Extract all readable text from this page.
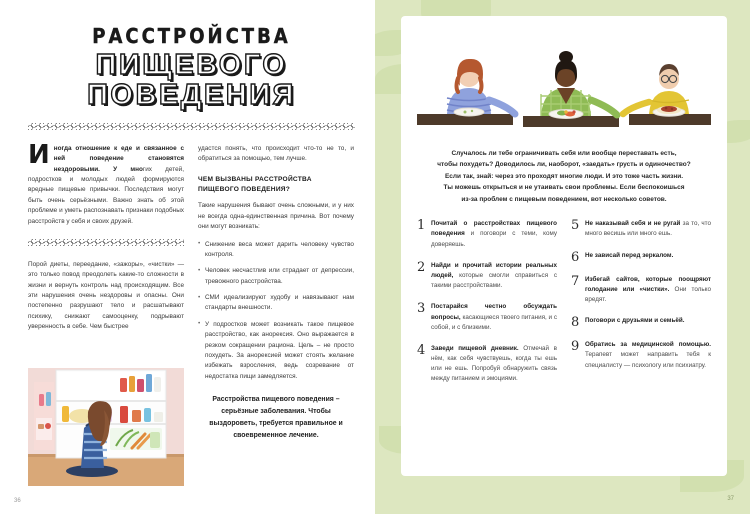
РАССТРОЙСТВА
ПИЩЕВОГО ПОВЕДЕНИЯ

Иногда отношение к еде и связанное с ней поведение становятся нездоровыми. У многих детей, подростков и молодых людей формируются вредные пищевые привычки. Последствия могут быть очень серьёзными. Важно знать об этой проблеме и уметь распознавать признаки подобных расстройств у себя и своих друзей.

Порой диеты, переедание, «зажоры», «чистки» — это только повод преодолеть какие-то сложности в жизни и вернуть контроль над происходящим. Все эти нарушения очень нездоровы и опасны. Они постепенно разрушают тело и расшатывают психику, снижают самооценку, подрывают уверенность в себе. Чем быстрее

удастся понять, что происходит что-то не то, и обратиться за помощью, тем лучше.

ЧЕМ ВЫЗВАНЫ РАССТРОЙСТВА ПИЩЕВОГО ПОВЕДЕНИЯ?

Такие нарушения бывают очень сложными, и у них не всегда одна-единственная причина. Вот почему они могут возникать:

• Снижение веса может дарить человеку чувство контроля.
• Человек несчастлив или страдает от депрессии, тревожного расстройства.
• СМИ идеализируют худобу и навязывают нам стандарты внешности.
• У подростков может возникать такое пищевое расстройство, как анорексия. Оно выражается в резком сокращении рациона. Цель – не просто похудеть. За анорексией может стоять желание избежать взросления, ведь созревание от недостатка пищи замедляется.
Расстройства пищевого поведения – серьёзные заболевания. Чтобы выздороветь, требуется правильное и своевременное лечение.
36
Случалось ли тебе ограничивать себя или вообще переставать есть,
чтобы похудеть? Доводилось ли, наоборот, «заедать» грусть и одиночество?
Если так, знай: через это проходят многие люди. И это тоже часть жизни.
Ты можешь открыться и не утаивать свои проблемы. Если беспокоишься
из-за проблем с пищевым поведением, вот несколько советов.
1 Почитай о расстройствах пищевого поведения и поговори с теми, кому доверяешь.
2 Найди и прочитай истории реальных людей, которые смогли справиться с такими расстройствами.
3 Постарайся честно обсуждать вопросы, касающиеся твоего питания, и с собой, и с близкими.
4 Заведи пищевой дневник. Отмечай в нём, как себя чувствуешь, когда ты ешь или не ешь. Попробуй обнаружить связь между питанием и эмоциями.
5 Не наказывай себя и не ругай за то, что много весишь или много ешь.
6 Не зависай перед зеркалом.
7 Избегай сайтов, которые поощряют голодание или «чистки». Они только вредят.
8 Поговори с друзьями и семьёй.
9 Обратись за медицинской помощью. Терапевт может направить тебя к специалисту — психологу или психиатру.
37
